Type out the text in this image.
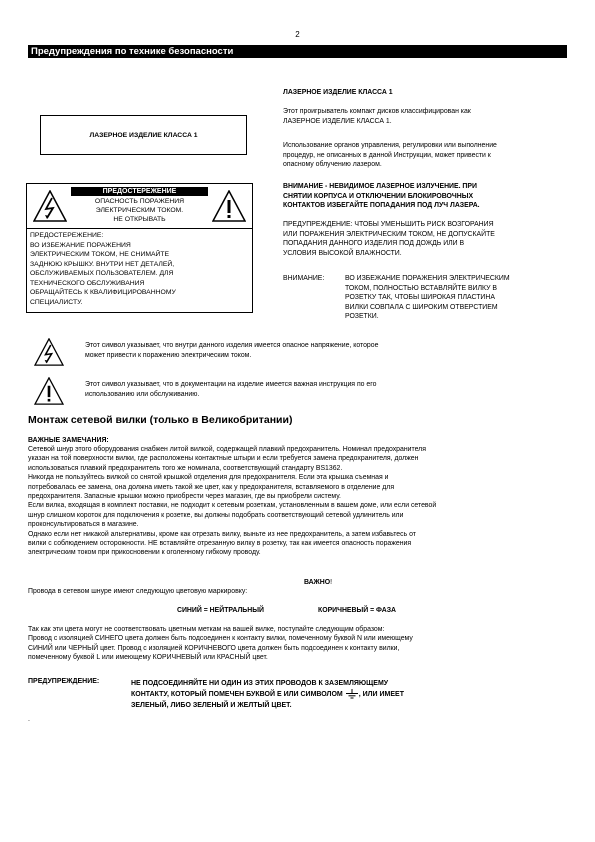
2
Предупреждения по технике безопасности
ЛАЗЕРНОЕ ИЗДЕЛИЕ КЛАССА 1
ПРЕДОСТЕРЕЖЕНИЕ
ОПАСНОСТЬ ПОРАЖЕНИЯ
ЭЛЕКТРИЧЕСКИМ ТОКОМ.
НЕ ОТКРЫВАТЬ
ПРЕДОСТЕРЕЖЕНИЕ:
ВО ИЗБЕЖАНИЕ ПОРАЖЕНИЯ
ЭЛЕКТРИЧЕСКИМ ТОКОМ, НЕ СНИМАЙТЕ
ЗАДНЮЮ КРЫШКУ. ВНУТРИ НЕТ ДЕТАЛЕЙ,
ОБСЛУЖИВАЕМЫХ ПОЛЬЗОВАТЕЛЕМ. ДЛЯ
ТЕХНИЧЕСКОГО ОБСЛУЖИВАНИЯ
ОБРАЩАЙТЕСЬ К КВАЛИФИЦИРОВАННОМУ
СПЕЦИАЛИСТУ.
ЛАЗЕРНОЕ ИЗДЕЛИЕ КЛАССА 1
Этот проигрыватель компакт дисков классифицирован как
ЛАЗЕРНОЕ ИЗДЕЛИЕ КЛАССА 1.
Использование органов управления, регулировки или выполнение
процедур, не описанных в данной Инструкции, может привести к
опасному облучению лазером.
ВНИМАНИЕ - НЕВИДИМОЕ ЛАЗЕРНОЕ ИЗЛУЧЕНИЕ. ПРИ
СНЯТИИ КОРПУСА И ОТКЛЮЧЕНИИ БЛОКИРОВОЧНЫХ
КОНТАКТОВ ИЗБЕГАЙТЕ ПОПАДАНИЯ ПОД ЛУЧ ЛАЗЕРА.
ПРЕДУПРЕЖДЕНИЕ: ЧТОБЫ УМЕНЬШИТЬ РИСК ВОЗГОРАНИЯ
ИЛИ ПОРАЖЕНИЯ ЭЛЕКТРИЧЕСКИМ ТОКОМ, НЕ ДОПУСКАЙТЕ
ПОПАДАНИЯ ДАННОГО ИЗДЕЛИЯ ПОД ДОЖДЬ ИЛИ В
УСЛОВИЯ ВЫСОКОЙ ВЛАЖНОСТИ.
ВНИМАНИЕ:	ВО ИЗБЕЖАНИЕ ПОРАЖЕНИЯ ЭЛЕКТРИЧЕСКИМ
ТОКОМ, ПОЛНОСТЬЮ ВСТАВЛЯЙТЕ ВИЛКУ В
РОЗЕТКУ ТАК, ЧТОБЫ ШИРОКАЯ ПЛАСТИНА
ВИЛКИ СОВПАЛА С ШИРОКИМ ОТВЕРСТИЕМ
РОЗЕТКИ.
Этот символ указывает, что внутри данного изделия имеется опасное напряжение, которое
может привести к поражению электрическим током.
Этот символ указывает, что в документации на изделие имеется важная инструкция по его
использованию или обслуживанию.
Монтаж сетевой вилки (только в Великобритании)
ВАЖНЫЕ ЗАМЕЧАНИЯ:
Сетевой шнур этого оборудования снабжен литой вилкой, содержащей плавкий предохранитель. Номинал предохранителя
указан на той поверхности вилки, где расположены контактные штыри и если требуется замена предохранителя, должен
использоваться плавкий предохранитель того же номинала, соответствующий стандарту BS1362.
Никогда не пользуйтесь вилкой со снятой крышкой отделения для предохранителя. Если эта крышка съемная и
потребовалась ее замена, она должна иметь такой же цвет, как у предохранителя, вставляемого в отделение для
предохранителя. Запасные крышки можно приобрести через магазин, где вы приобрели систему.
Если вилка, входящая в комплект поставки, не подходит к сетевым розеткам, установленным в вашем доме, или если сетевой
шнур слишком короток для подключения к розетке, вы должны подобрать соответствующий сетевой удлинитель или
проконсультироваться в магазине.
Однако если нет никакой альтернативы, кроме как отрезать вилку, выньте из нее предохранитель, а затем избавьтесь от
вилки с соблюдением осторожности. НЕ вставляйте отрезанную вилку в розетку, так как имеется опасность поражения
электрическим током при прикосновении к оголенному гибкому проводу.
ВАЖНО!
Провода в сетевом шнуре имеют следующую цветовую маркировку:
СИНИЙ = НЕЙТРАЛЬНЫЙ	КОРИЧНЕВЫЙ = ФАЗА
Так как эти цвета могут не соответствовать цветным меткам на вашей вилке, поступайте следующим образом:
Провод с изоляцией СИНЕГО цвета должен быть подсоединен к контакту вилки, помеченному буквой N или имеющему
СИНИЙ или ЧЕРНЫЙ цвет. Провод с изоляцией КОРИЧНЕВОГО цвета должен быть подсоединен к контакту вилки,
помеченному буквой L или имеющему КОРИЧНЕВЫЙ или КРАСНЫЙ цвет.
ПРЕДУПРЕЖДЕНИЕ:	НЕ ПОДСОЕДИНЯЙТЕ НИ ОДИН ИЗ ЭТИХ ПРОВОДОВ К ЗАЗЕМЛЯЮЩЕМУ
КОНТАКТУ, КОТОРЫЙ ПОМЕЧЕН БУКВОЙ Е ИЛИ СИМВОЛОМ , ИЛИ ИМЕЕТ
ЗЕЛЕНЫЙ, ЛИБО ЗЕЛЕНЫЙ И ЖЕЛТЫЙ ЦВЕТ.
.
